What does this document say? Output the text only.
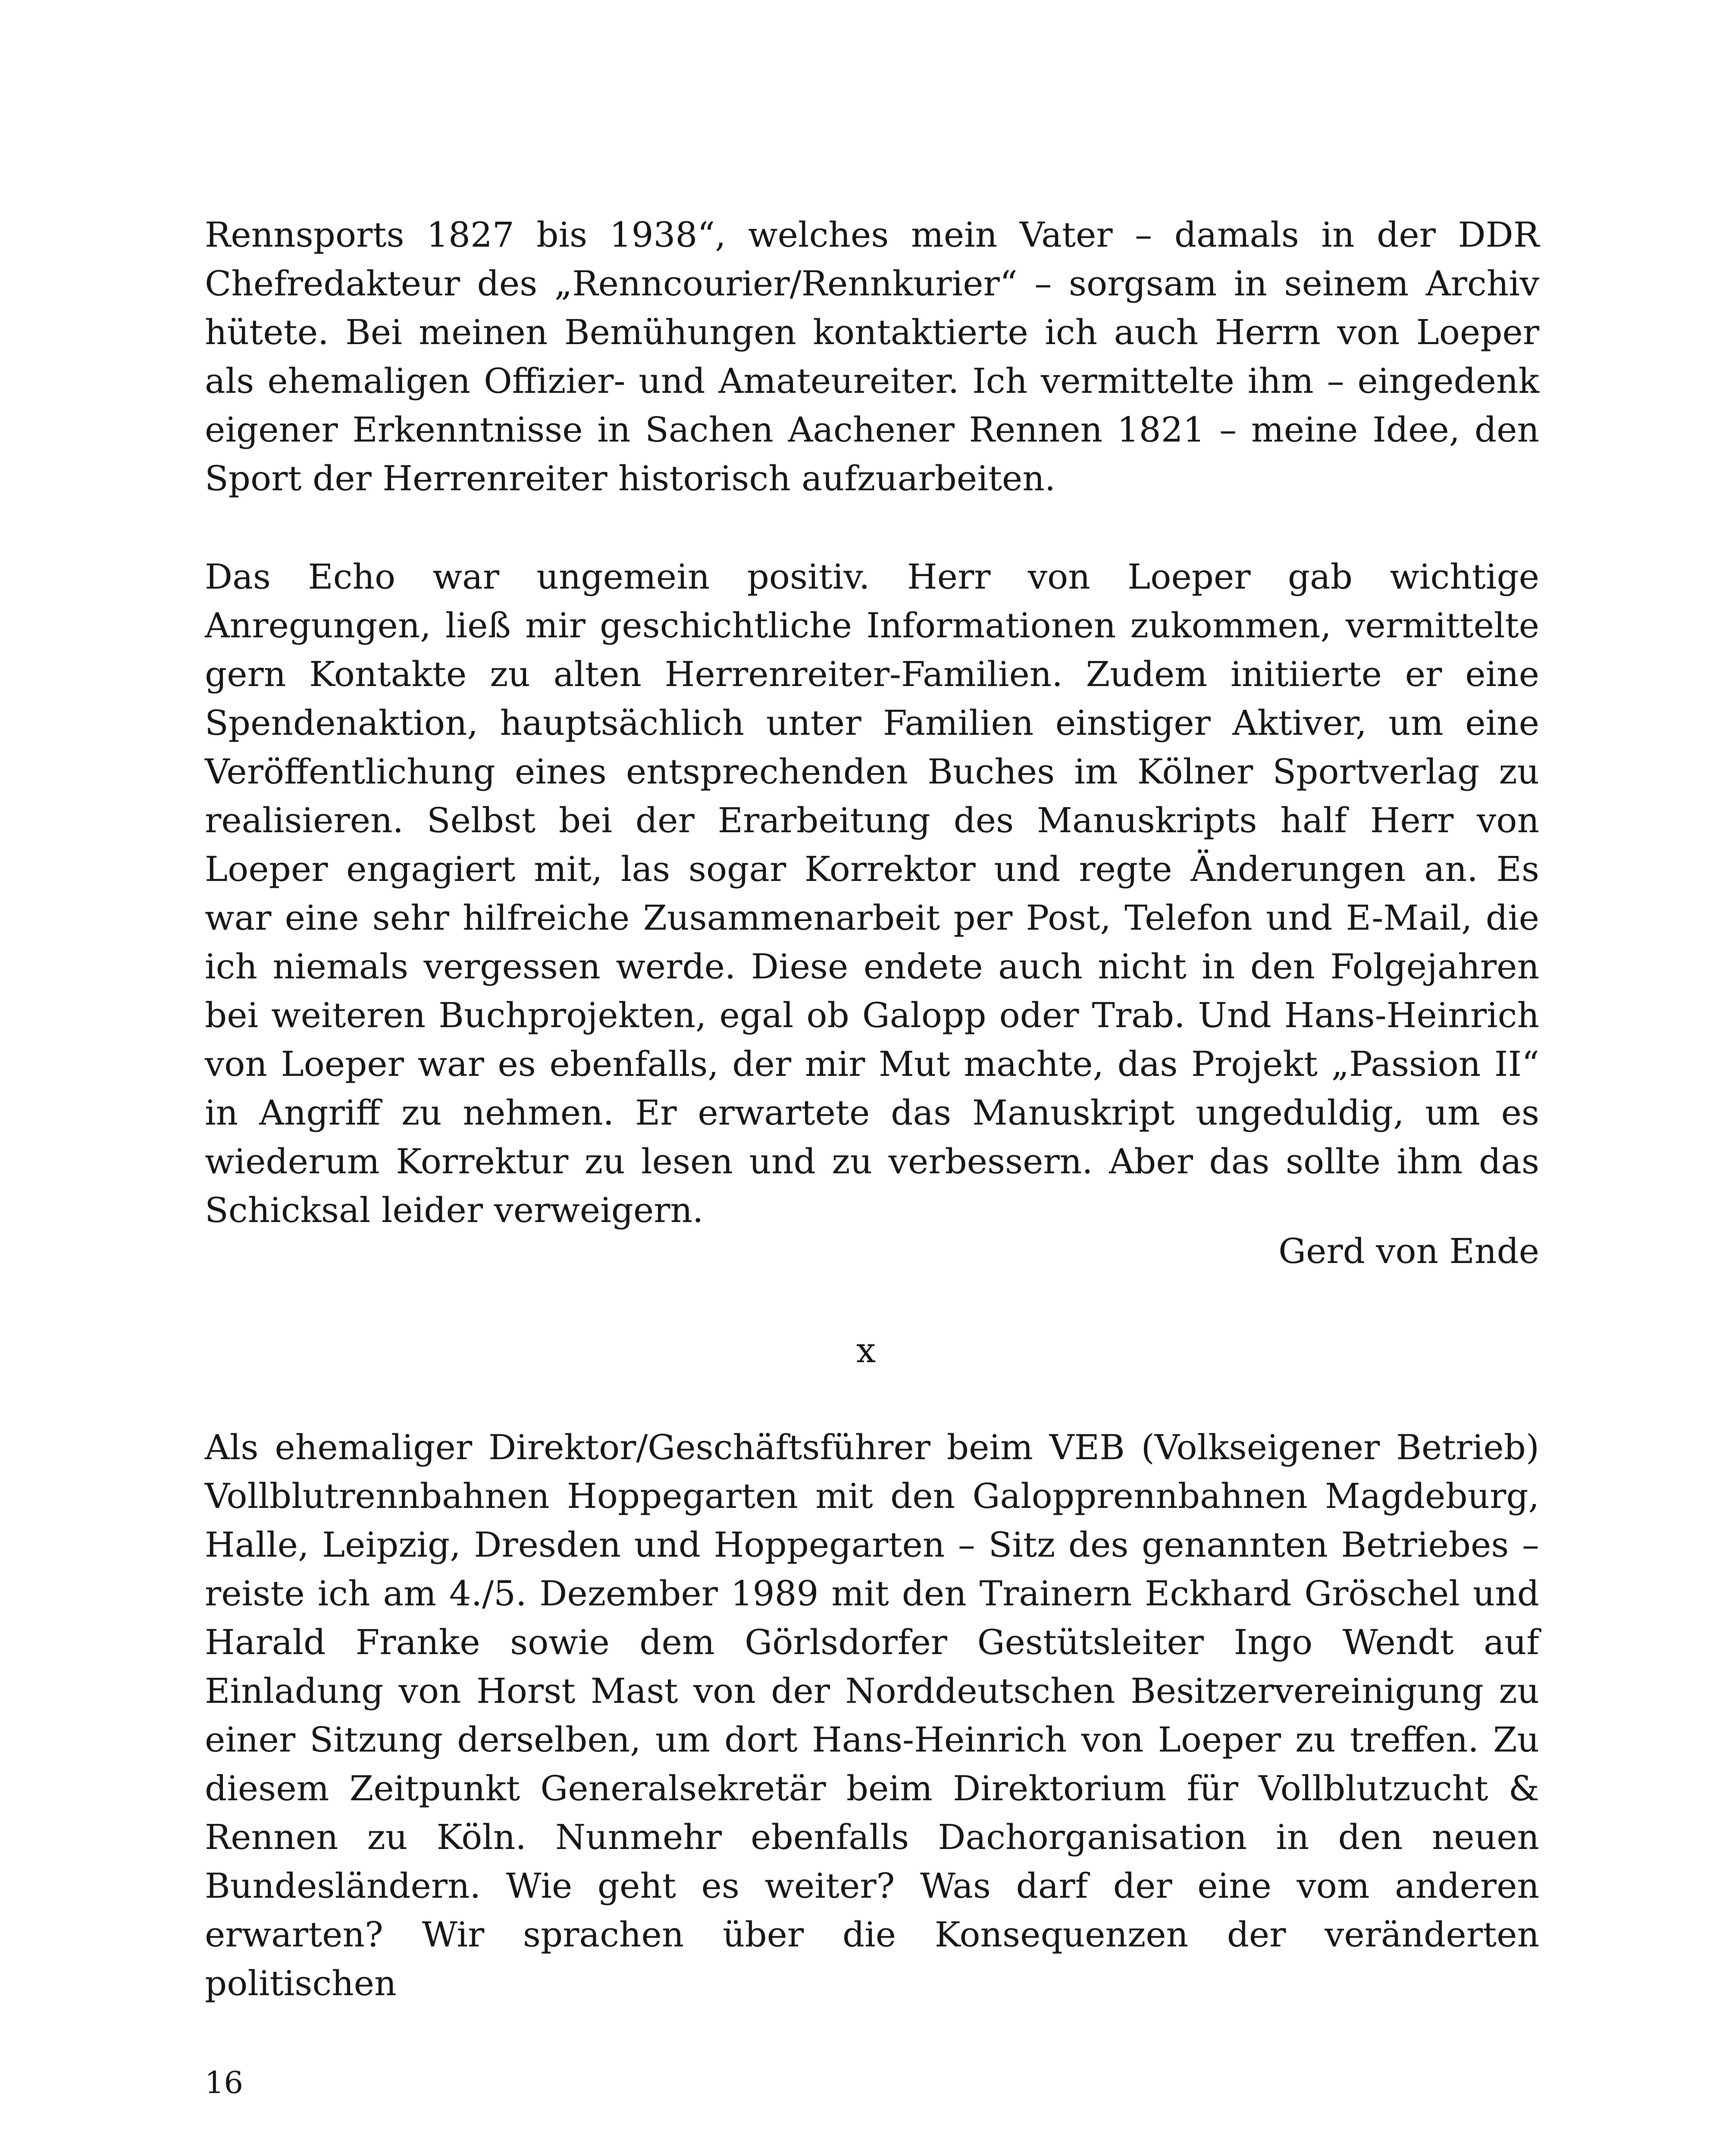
Rennsports 1827 bis 1938“, welches mein Vater – damals in der DDR Chefredakteur des „Renncourier/Rennkurier“ – sorgsam in seinem Archiv hütete. Bei meinen Bemühungen kontaktierte ich auch Herrn von Loeper als ehemaligen Offizier- und Amateureiter. Ich vermittelte ihm – eingedenk eigener Erkenntnisse in Sachen Aachener Rennen 1821 – meine Idee, den Sport der Herrenreiter historisch aufzuarbeiten.

Das Echo war ungemein positiv. Herr von Loeper gab wichtige Anregungen, ließ mir geschichtliche Informationen zukommen, vermittelte gern Kontakte zu alten Herrenreiter-Familien. Zudem initiierte er eine Spendenaktion, hauptsächlich unter Familien einstiger Aktiver, um eine Veröffentlichung eines entsprechenden Buches im Kölner Sportverlag zu realisieren. Selbst bei der Erarbeitung des Manuskripts half Herr von Loeper engagiert mit, las sogar Korrektor und regte Änderungen an. Es war eine sehr hilfreiche Zusammenarbeit per Post, Telefon und E-Mail, die ich niemals vergessen werde. Diese endete auch nicht in den Folgejahren bei weiteren Buchprojekten, egal ob Galopp oder Trab. Und Hans-Heinrich von Loeper war es ebenfalls, der mir Mut machte, das Projekt „Passion II“ in Angriff zu nehmen. Er erwartete das Manuskript ungeduldig, um es wiederum Korrektur zu lesen und zu verbessern. Aber das sollte ihm das Schicksal leider verweigern.

Gerd von Ende
x

Als ehemaliger Direktor/Geschäftsführer beim VEB (Volkseigener Betrieb) Vollblutrennbahnen Hoppegarten mit den Galopprennbahnen Magdeburg, Halle, Leipzig, Dresden und Hoppegarten – Sitz des genannten Betriebes – reiste ich am 4./5. Dezember 1989 mit den Trainern Eckhard Gröschel und Harald Franke sowie dem Görlsdorfer Gestütsleiter Ingo Wendt auf Einladung von Horst Mast von der Norddeutschen Besitzervereinigung zu einer Sitzung derselben, um dort Hans-Heinrich von Loeper zu treffen. Zu diesem Zeitpunkt Generalsekretär beim Direktorium für Vollblutzucht & Rennen zu Köln. Nunmehr ebenfalls Dachorganisation in den neuen Bundesländern. Wie geht es weiter? Was darf der eine vom anderen erwarten? Wir sprachen über die Konsequenzen der veränderten politischen

16
